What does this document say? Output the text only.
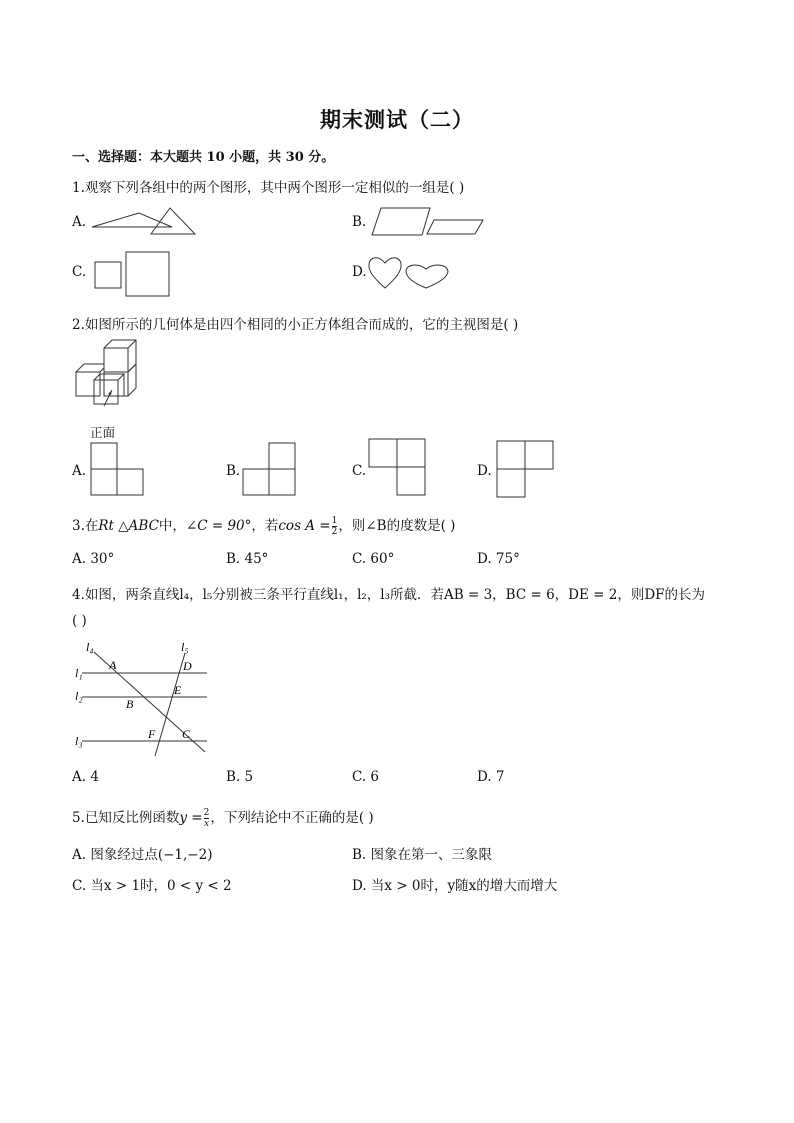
期末测试（二）
一、选择题：本大题共 10 小题，共 30 分。
1.观察下列各组中的两个图形，其中两个图形一定相似的一组是( )
A.	B.
C.	D.
2.如图所示的几何体是由四个相同的小正方体组合而成的，它的主视图是( )
正面
A.	B.	C.	D.
3.在Rt △ABC中，∠C = 90°，若$\cos A = \frac{1}{2}$ ，则∠B的度数是( )
A. 30°	B. 45°	C. 60°	D. 75°
4.如图，两条直线l₄，l₅分别被三条平行直线l₁，l₂，l₃所截．若AB = 3，BC = 6，DE = 2，则DF的长为
( )
l₄	l₅
l₁
l₂
l₃
A
B
C
D
E
F
A. 4	B. 5	C. 6	D. 7
5.已知反比例函数$y = \frac{2}{x}$ ，下列结论中不正确的是( )
A. 图象经过点(−1,−2)	B. 图象在第一、三象限
C. 当x > 1时，0 < y < 2	D. 当x > 0时，y随x的增大而增大
